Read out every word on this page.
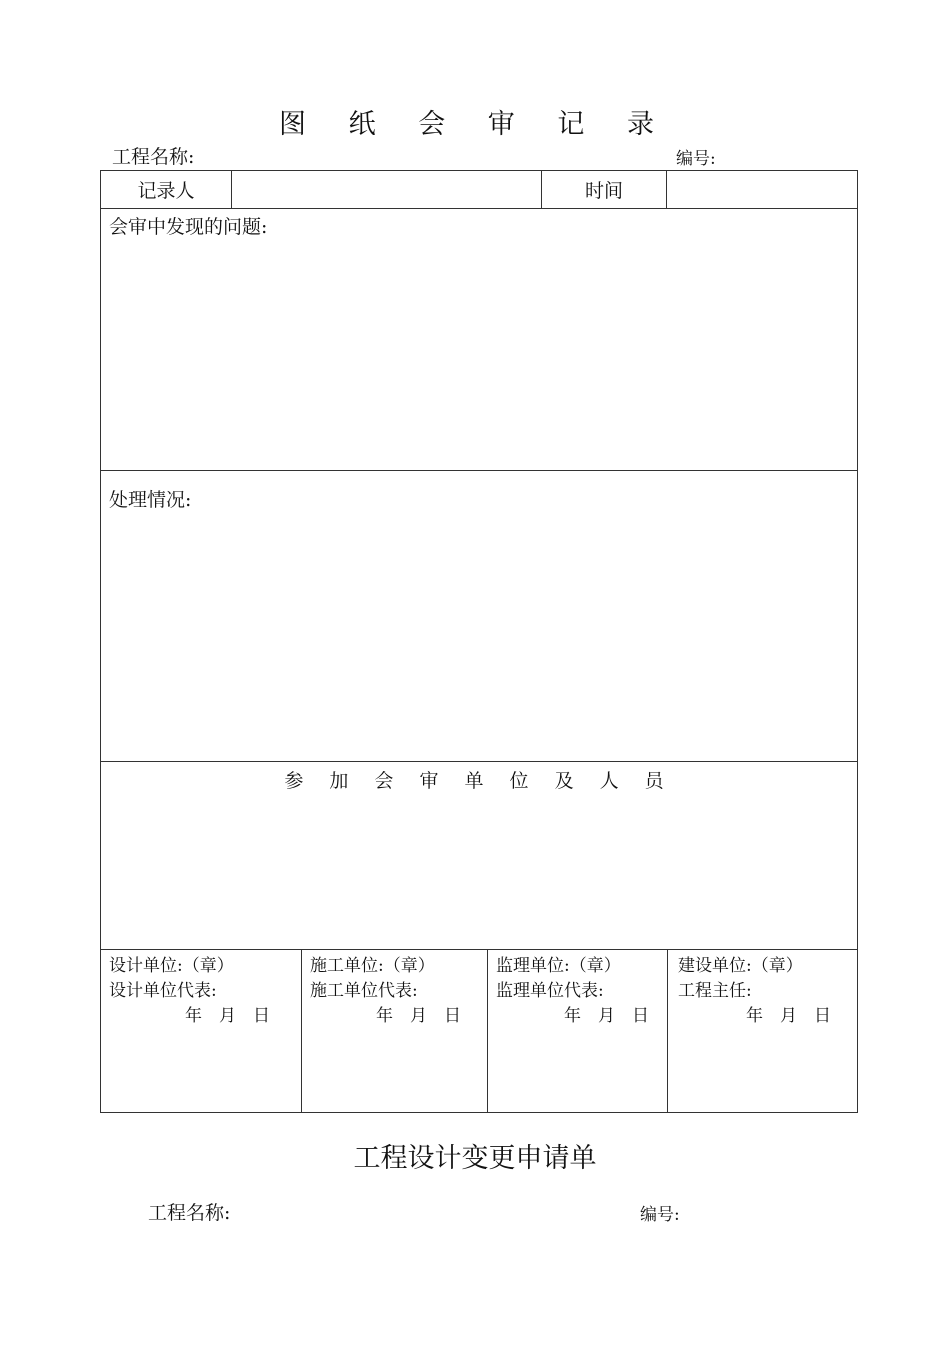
图 纸 会 审 记 录
工程名称:	编号:
记录人	时间
会审中发现的问题:
处理情况:
参 加 会 审 单 位 及 人 员
设计单位:（章）
设计单位代表:
年　月　日
施工单位:（章）
施工单位代表:
年　月　日
监理单位:（章）
监理单位代表:
年　月　日
建设单位:（章）
工程主任:
年　月　日
工程设计变更申请单
工程名称:	编号:
